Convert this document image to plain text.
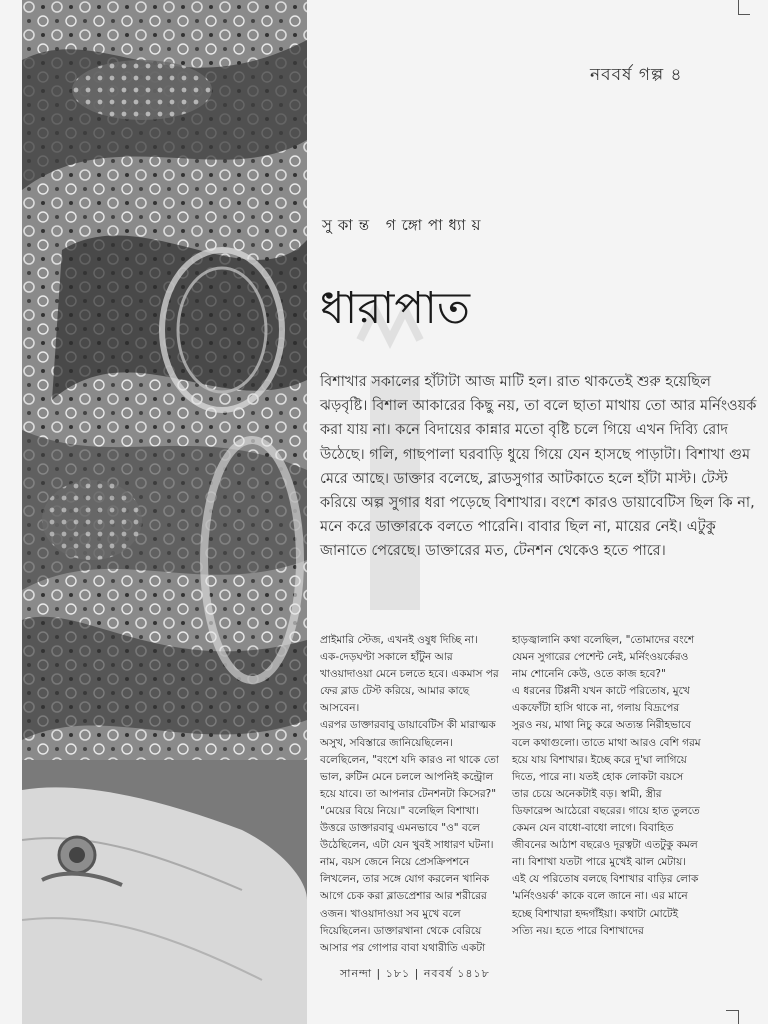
নববর্ষ গল্প ৪
সুকান্ত গঙ্গোপাধ্যায়
ধারাপাত

বিশাখার সকালের হাঁটাটা আজ মাটি হল। রাত থাকতেই শুরু হয়েছিল ঝড়বৃষ্টি। বিশাল আকারের কিছু নয়, তা বলে ছাতা মাথায় তো আর মর্নিংওয়র্ক করা যায় না। কনে বিদায়ের কান্নার মতো বৃষ্টি চলে গিয়ে এখন দিব্যি রোদ উঠেছে। গলি, গাছপালা ঘরবাড়ি ধুয়ে গিয়ে যেন হাসছে পাড়াটা। বিশাখা গুম মেরে আছে। ডাক্তার বলেছে, ব্লাডসুগার আটকাতে হলে হাঁটা মাস্ট। টেস্ট করিয়ে অল্প সুগার ধরা পড়েছে বিশাখার। বংশে কারও ডায়াবেটিস ছিল কি না, মনে করে ডাক্তারকে বলতে পারেনি। বাবার ছিল না, মায়ের নেই। এটুকু জানাতে পেরেছে। ডাক্তারের মত, টেনশন থেকেও হতে পারে।

প্রাইমারি স্টেজ, এখনই ওষুধ দিচ্ছি না। এক-দেড়ঘণ্টা সকালে হাঁটুন আর খাওয়াদাওয়া মেনে চলতে হবে। একমাস পর ফের ব্লাড টেস্ট করিয়ে, আমার কাছে আসবেন।

এরপর ডাক্তারবাবু ডায়াবেটিস কী মারাত্মক অসুখ, সবিস্তারে জানিয়েছিলেন। বলেছিলেন, "বংশে যদি কারও না থাকে তো ভাল, রুটিন মেনে চললে আপনিই কন্ট্রোল হয়ে যাবে। তা আপনার টেনশনটা কিসের?"

"মেয়ের বিয়ে নিয়ে।" বলেছিল বিশাখা। উত্তরে ডাক্তারবাবু এমনভাবে "ও" বলে উঠেছিলেন, এটা যেন খুবই সাধারণ ঘটনা। নাম, বয়স জেনে নিয়ে প্রেসক্রিপশনে লিখলেন, তার সঙ্গে যোগ করলেন খানিক আগে চেক করা ব্লাডপ্রেশার আর শরীরের ওজন। খাওয়াদাওয়া সব মুখে বলে দিয়েছিলেন। ডাক্তারখানা থেকে বেরিয়ে আসার পর গোপার বাবা যথারীতি একটা

হাড়জ্বালানি কথা বলেছিল, "তোমাদের বংশে যেমন সুগারের পেশেন্ট নেই, মর্নিংওয়র্কেরও নাম শোনেনি কেউ, ওতে কাজ হবে?"

এ ধরনের টিপ্পনী যখন কাটে পরিতোষ, মুখে একফোঁটা হাসি থাকে না, গলায় বিদ্রূপের সুরও নয়, মাথা নিচু করে অত্যন্ত নিরীহভাবে বলে কথাগুলো। তাতে মাথা আরও বেশি গরম হয়ে যায় বিশাখার। ইচ্ছে করে দু'ঘা লাগিয়ে দিতে, পারে না। যতই হোক লোকটা বয়সে তার চেয়ে অনেকটাই বড়। স্বামী, স্ত্রীর ডিফারেন্স আঠেরো বছরের। গায়ে হাত তুলতে কেমন যেন বাধো-বাধো লাগে। বিবাহিত জীবনের আঠাশ বছরেও দূরত্বটা এতটুকু কমল না। বিশাখা যতটা পারে মুখেই ঝাল মেটায়। এই যে পরিতোষ বলছে বিশাখার বাড়ির লোক 'মর্নিংওয়র্ক' কাকে বলে জানে না। এর মানে হচ্ছে বিশাখারা হদ্দগাঁইয়া। কথাটা মোটেই সত্যি নয়। হতে পারে বিশাখাদের

সানন্দা | ১৮১ | নববর্ষ ১৪১৮
